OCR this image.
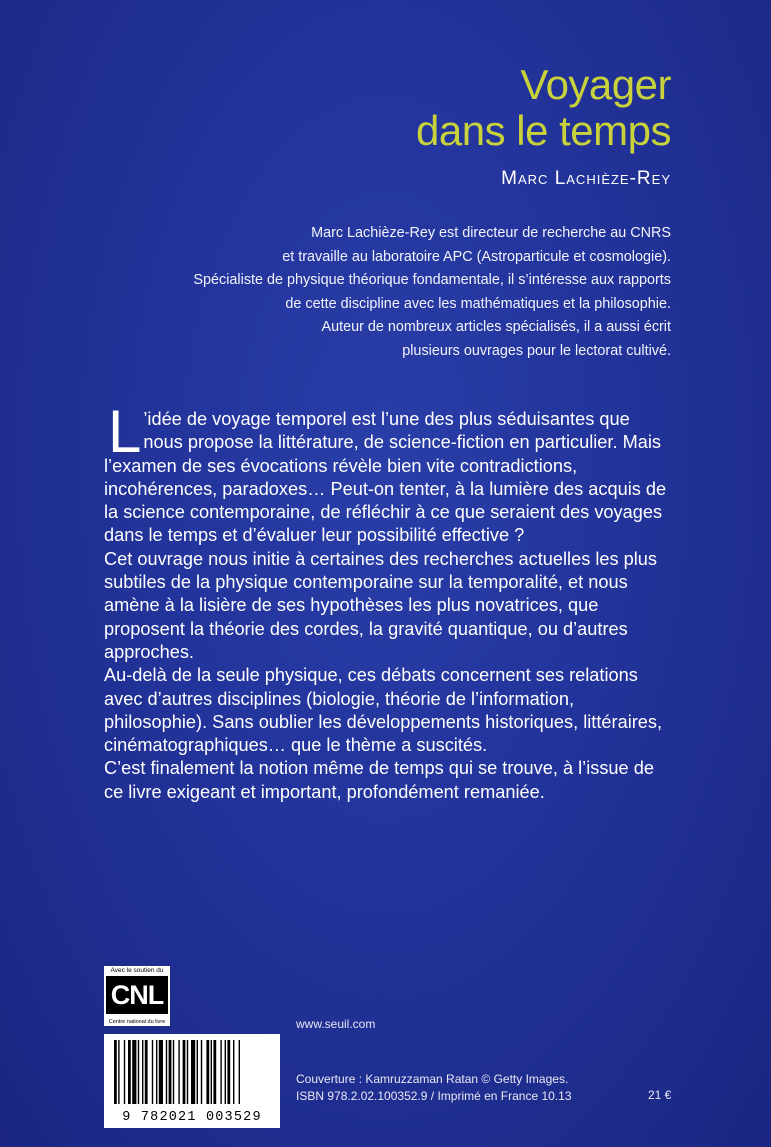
Voyager
dans le temps
Marc Lachièze-Rey

Marc Lachièze-Rey est directeur de recherche au CNRS

et travaille au laboratoire APC (Astroparticule et cosmologie).

Spécialiste de physique théorique fondamentale, il s’intéresse aux rapports

de cette discipline avec les mathématiques et la philosophie.

Auteur de nombreux articles spécialisés, il a aussi écrit

plusieurs ouvrages pour le lectorat cultivé.

L ’idée de voyage temporel est l’une des plus séduisantes que nous propose la littérature, de science-fiction en particulier. Mais l’examen de ses évocations révèle bien vite contradictions, incohérences, paradoxes… Peut-on tenter, à la lumière des acquis de la science contemporaine, de réfléchir à ce que seraient des voyages dans le temps et d’évaluer leur possibilité effective ?

Cet ouvrage nous initie à certaines des recherches actuelles les plus subtiles de la physique contemporaine sur la temporalité, et nous amène à la lisière de ses hypothèses les plus novatrices, que proposent la théorie des cordes, la gravité quantique, ou d’autres approches.

Au-delà de la seule physique, ces débats concernent ses relations avec d’autres disciplines (biologie, théorie de l’information, philosophie). Sans oublier les développements historiques, littéraires, cinématographiques… que le thème a suscités.

C’est finalement la notion même de temps qui se trouve, à l’issue de ce livre exigeant et important, profondément remaniée.

Avec le soutien du
CNL
Centre national du livre	www.seuil.com
9 782021 003529

Couverture : Kamruzzaman Ratan © Getty Images.

ISBN 978.2.02.100352.9 / Imprimé en France 10.13	21 €
